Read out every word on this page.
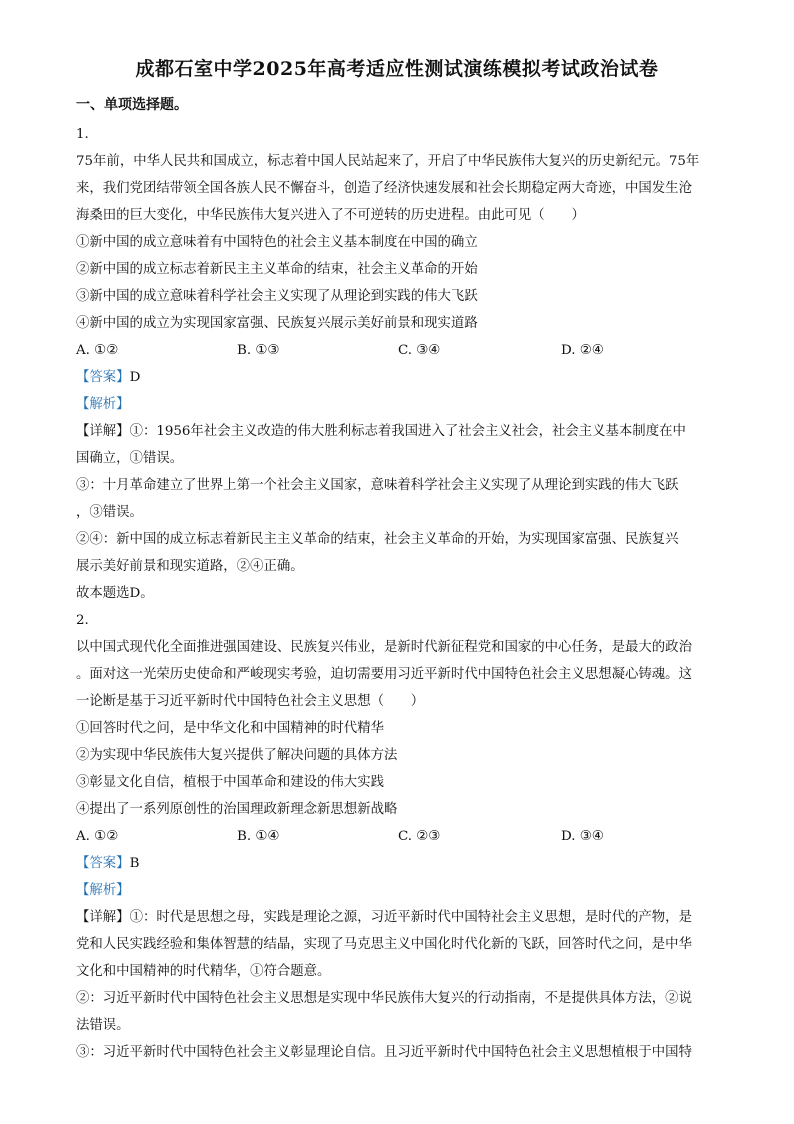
成都石室中学2025年高考适应性测试演练模拟考试政治试卷
一、单项选择题。
1.
75年前，中华人民共和国成立，标志着中国人民站起来了，开启了中华民族伟大复兴的历史新纪元。75年
来，我们党团结带领全国各族人民不懈奋斗，创造了经济快速发展和社会长期稳定两大奇迹，中国发生沧
海桑田的巨大变化，中华民族伟大复兴进入了不可逆转的历史进程。由此可见（　　）
①新中国的成立意味着有中国特色的社会主义基本制度在中国的确立
②新中国的成立标志着新民主主义革命的结束，社会主义革命的开始
③新中国的成立意味着科学社会主义实现了从理论到实践的伟大飞跃
④新中国的成立为实现国家富强、民族复兴展示美好前景和现实道路
A. ①②	B. ①③	C. ③④	D. ②④
【答案】D
【解析】
【详解】①：1956年社会主义改造的伟大胜利标志着我国进入了社会主义社会，社会主义基本制度在中
国确立，①错误。
③：十月革命建立了世界上第一个社会主义国家，意味着科学社会主义实现了从理论到实践的伟大飞跃
，③错误。
②④：新中国的成立标志着新民主主义革命的结束，社会主义革命的开始，为实现国家富强、民族复兴
展示美好前景和现实道路，②④正确。
故本题选D。
2.
以中国式现代化全面推进强国建设、民族复兴伟业，是新时代新征程党和国家的中心任务，是最大的政治
。面对这一光荣历史使命和严峻现实考验，迫切需要用习近平新时代中国特色社会主义思想凝心铸魂。这
一论断是基于习近平新时代中国特色社会主义思想（　　）
①回答时代之问，是中华文化和中国精神的时代精华
②为实现中华民族伟大复兴提供了解决问题的具体方法
③彰显文化自信，植根于中国革命和建设的伟大实践
④提出了一系列原创性的治国理政新理念新思想新战略
A. ①②	B. ①④	C. ②③	D. ③④
【答案】B
【解析】
【详解】①：时代是思想之母，实践是理论之源，习近平新时代中国特社会主义思想，是时代的产物，是
党和人民实践经验和集体智慧的结晶，实现了马克思主义中国化时代化新的飞跃，回答时代之问，是中华
文化和中国精神的时代精华，①符合题意。
②：习近平新时代中国特色社会主义思想是实现中华民族伟大复兴的行动指南，不是提供具体方法，②说
法错误。
③：习近平新时代中国特色社会主义彰显理论自信。且习近平新时代中国特色社会主义思想植根于中国特
